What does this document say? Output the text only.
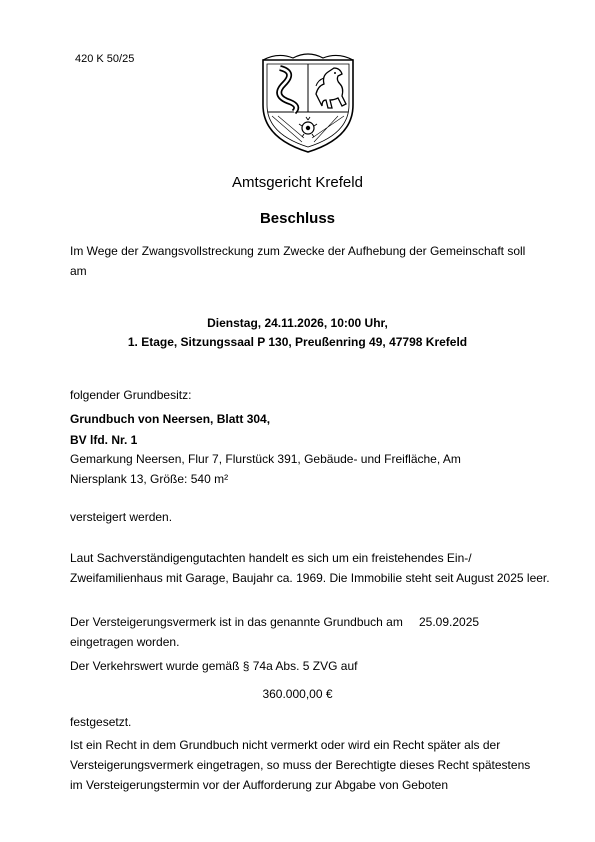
420 K 50/25
Amtsgericht Krefeld
Beschluss
Im Wege der Zwangsvollstreckung zum Zwecke der Aufhebung der Gemeinschaft soll am
Dienstag, 24.11.2026, 10:00 Uhr,
1. Etage, Sitzungssaal P 130, Preußenring 49, 47798 Krefeld
folgender Grundbesitz:
Grundbuch von Neersen, Blatt 304,
BV lfd. Nr. 1
Gemarkung Neersen, Flur 7, Flurstück 391, Gebäude- und Freifläche, Am Niersplank 13, Größe: 540 m²
versteigert werden.
Laut Sachverständigengutachten handelt es sich um ein freistehendes Ein-/ Zweifamilienhaus mit Garage, Baujahr ca. 1969. Die Immobilie steht seit August 2025 leer.
Der Versteigerungsvermerk ist in das genannte Grundbuch am 25.09.2025
eingetragen worden.
Der Verkehrswert wurde gemäß § 74a Abs. 5 ZVG auf
360.000,00 €
festgesetzt.
Ist ein Recht in dem Grundbuch nicht vermerkt oder wird ein Recht später als der Versteigerungsvermerk eingetragen, so muss der Berechtigte dieses Recht spätestens im Versteigerungstermin vor der Aufforderung zur Abgabe von Geboten
